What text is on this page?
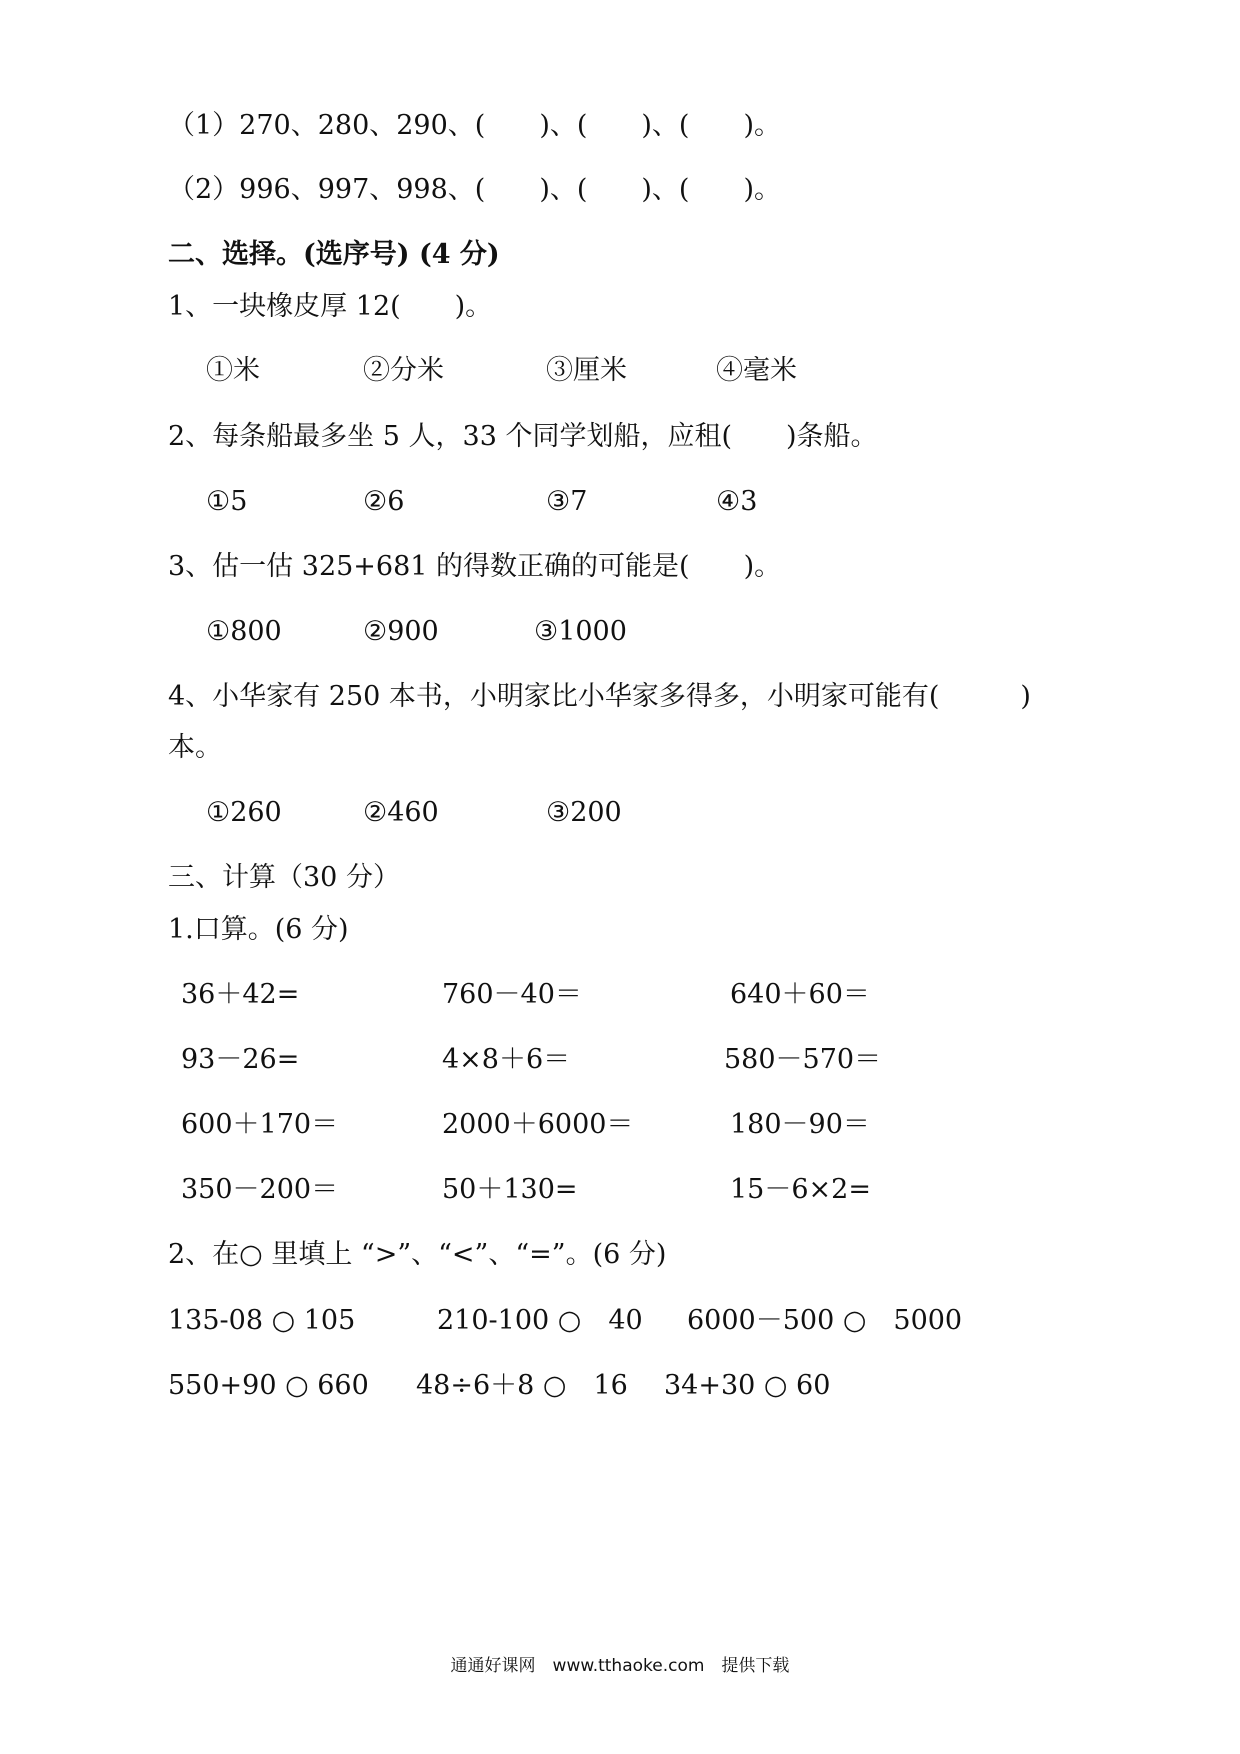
（1）270、280、290、(　　)、(　　)、(　　)。
（2）996、997、998、(　　)、(　　)、(　　)。
二、选择。(选序号) (4 分)
1、一块橡皮厚 12(　　)。
①米	②分米	③厘米	④毫米
2、每条船最多坐 5 人，33 个同学划船，应租(　　)条船。
①5	②6	③7	④3
3、估一估 325+681 的得数正确的可能是(　　)。
①800	②900	③1000
4、小华家有 250 本书，小明家比小华家多得多，小明家可能有(　　　)
本。
①260	②460	③200
三、计算（30 分）
1.口算。(6 分)
36＋42=	760－40＝	640＋60＝
93－26=	4×8＋6＝	580－570＝
600＋170＝	2000＋6000＝	180－90＝
350－200＝	50＋130=	15－6×2=
2、在○ 里填上 “>”、“<”、“=”。(6 分)
135-08 ○ 105	210-100 ○　40 6000－500 ○　5000
550+90 ○ 660 48÷6＋8 ○　16 34+30 ○ 60
通通好课网　www.tthaoke.com　提供下载
